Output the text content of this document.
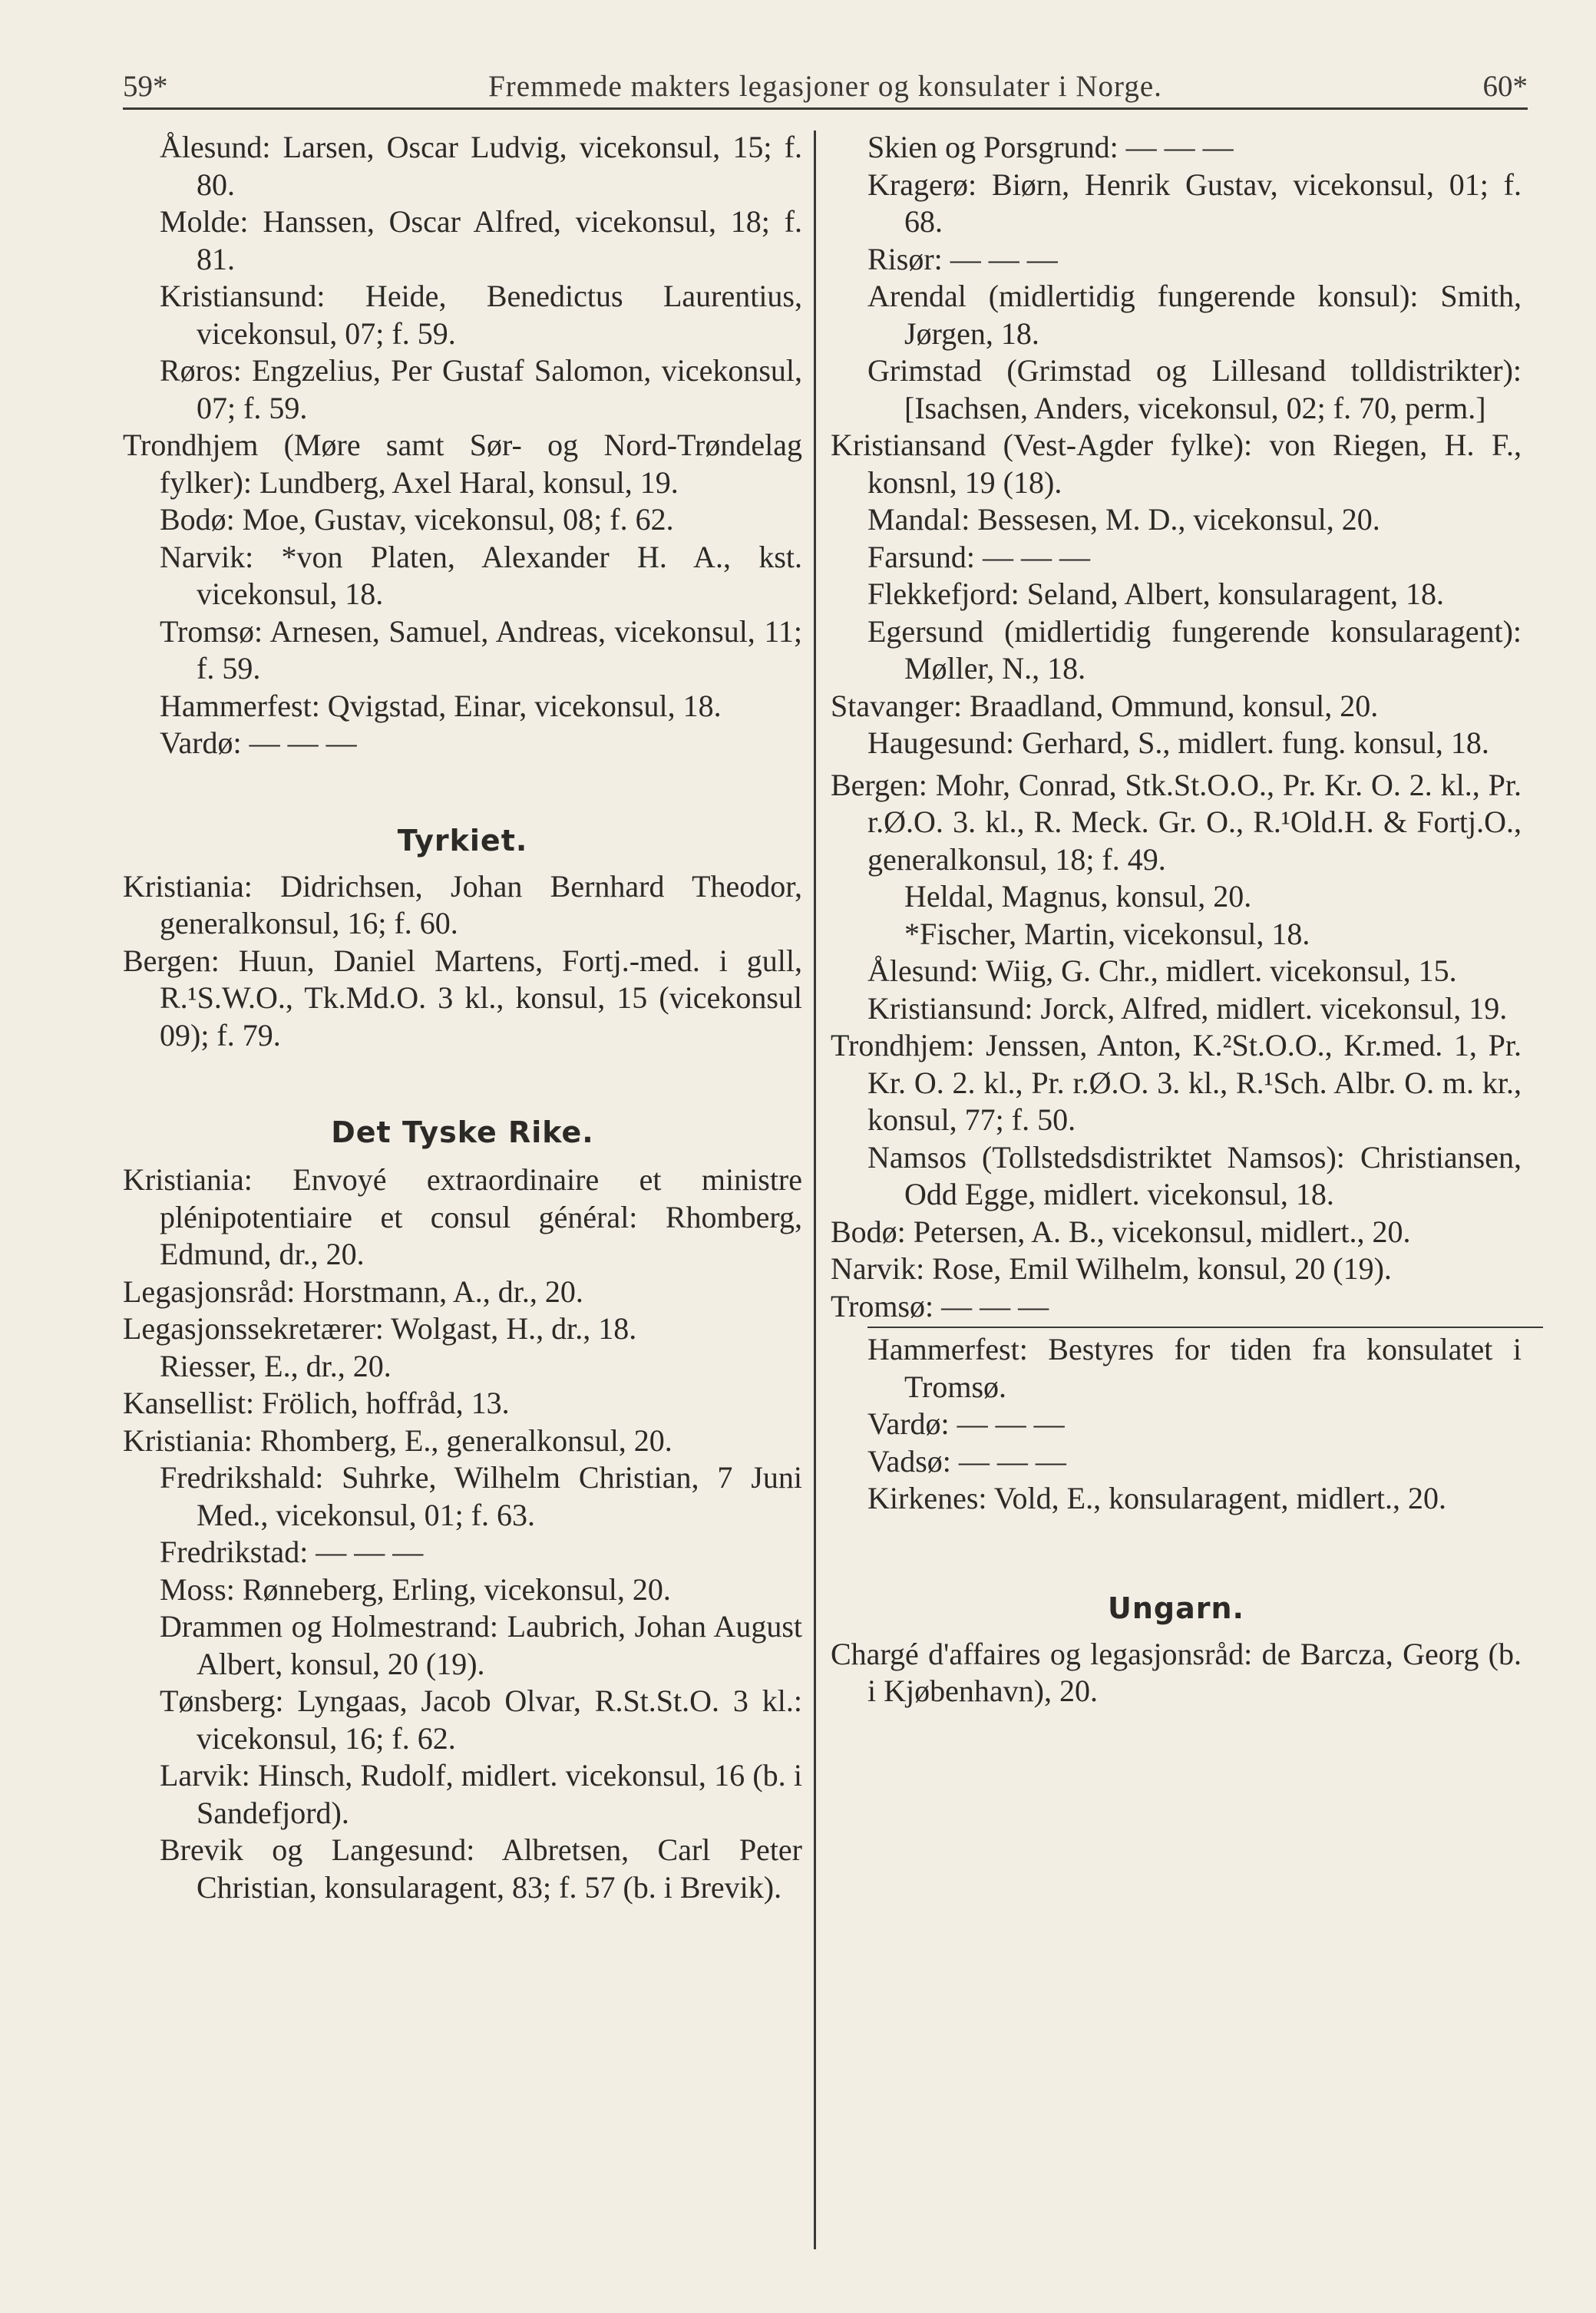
59*	Fremmede makters legasjoner og konsulater i Norge.	60*

Ålesund: Larsen, Oscar Ludvig, vicekonsul, 15; f. 80.

Molde: Hanssen, Oscar Alfred, vicekonsul, 18; f. 81.

Kristiansund: Heide, Benedictus Laurentius, vicekonsul, 07; f. 59.

Røros: Engzelius, Per Gustaf Salomon, vicekonsul, 07; f. 59.

Trondhjem (Møre samt Sør- og Nord-Trøndelag fylker): Lundberg, Axel Haral, konsul, 19.

Bodø: Moe, Gustav, vicekonsul, 08; f. 62.

Narvik: *von Platen, Alexander H. A., kst. vicekonsul, 18.

Tromsø: Arnesen, Samuel, Andreas, vicekonsul, 11; f. 59.

Hammerfest: Qvigstad, Einar, vicekonsul, 18.

Vardø: — — —

Tyrkiet.

Kristiania: Didrichsen, Johan Bernhard Theodor, generalkonsul, 16; f. 60.

Bergen: Huun, Daniel Martens, Fortj.-med. i gull, R.¹S.W.O., Tk.Md.O. 3 kl., konsul, 15 (vicekonsul 09); f. 79.

Det Tyske Rike.

Kristiania: Envoyé extraordinaire et ministre plénipotentiaire et consul général: Rhomberg, Edmund, dr., 20.

Legasjonsråd: Horstmann, A., dr., 20.

Legasjonssekretærer: Wolgast, H., dr., 18.

Riesser, E., dr., 20.

Kansellist: Frölich, hoffråd, 13.

Kristiania: Rhomberg, E., generalkonsul, 20.

Fredrikshald: Suhrke, Wilhelm Christian, 7 Juni Med., vicekonsul, 01; f. 63.

Fredrikstad: — — —

Moss: Rønneberg, Erling, vicekonsul, 20.

Drammen og Holmestrand: Laubrich, Johan August Albert, konsul, 20 (19).

Tønsberg: Lyngaas, Jacob Olvar, R.St.St.O. 3 kl.: vicekonsul, 16; f. 62.

Larvik: Hinsch, Rudolf, midlert. vicekonsul, 16 (b. i Sandefjord).

Brevik og Langesund: Albretsen, Carl Peter Christian, konsularagent, 83; f. 57 (b. i Brevik).

Skien og Porsgrund: — — —

Kragerø: Biørn, Henrik Gustav, vicekonsul, 01; f. 68.

Risør: — — —

Arendal (midlertidig fungerende konsul): Smith, Jørgen, 18.

Grimstad (Grimstad og Lillesand tolldistrikter): [Isachsen, Anders, vicekonsul, 02; f. 70, perm.]

Kristiansand (Vest-Agder fylke): von Riegen, H. F., konsnl, 19 (18).

Mandal: Bessesen, M. D., vicekonsul, 20.

Farsund: — — —

Flekkefjord: Seland, Albert, konsularagent, 18.

Egersund (midlertidig fungerende konsularagent): Møller, N., 18.

Stavanger: Braadland, Ommund, konsul, 20.

Haugesund: Gerhard, S., midlert. fung. konsul, 18.

Bergen: Mohr, Conrad, Stk.St.O.O., Pr. Kr. O. 2. kl., Pr. r.Ø.O. 3. kl., R. Meck. Gr. O., R.¹Old.H. & Fortj.O., generalkonsul, 18; f. 49.

Heldal, Magnus, konsul, 20.

*Fischer, Martin, vicekonsul, 18.

Ålesund: Wiig, G. Chr., midlert. vicekonsul, 15.

Kristiansund: Jorck, Alfred, midlert. vicekonsul, 19.

Trondhjem: Jenssen, Anton, K.²St.O.O., Kr.med. 1, Pr. Kr. O. 2. kl., Pr. r.Ø.O. 3. kl., R.¹Sch. Albr. O. m. kr., konsul, 77; f. 50.

Namsos (Tollstedsdistriktet Namsos): Christiansen, Odd Egge, midlert. vicekonsul, 18.

Bodø: Petersen, A. B., vicekonsul, midlert., 20.

Narvik: Rose, Emil Wilhelm, konsul, 20 (19).

Tromsø: — — —

Hammerfest: Bestyres for tiden fra konsulatet i Tromsø.

Vardø: — — —

Vadsø: — — —

Kirkenes: Vold, E., konsularagent, midlert., 20.

Ungarn.

Chargé d'affaires og legasjonsråd: de Barcza, Georg (b. i Kjøbenhavn), 20.
